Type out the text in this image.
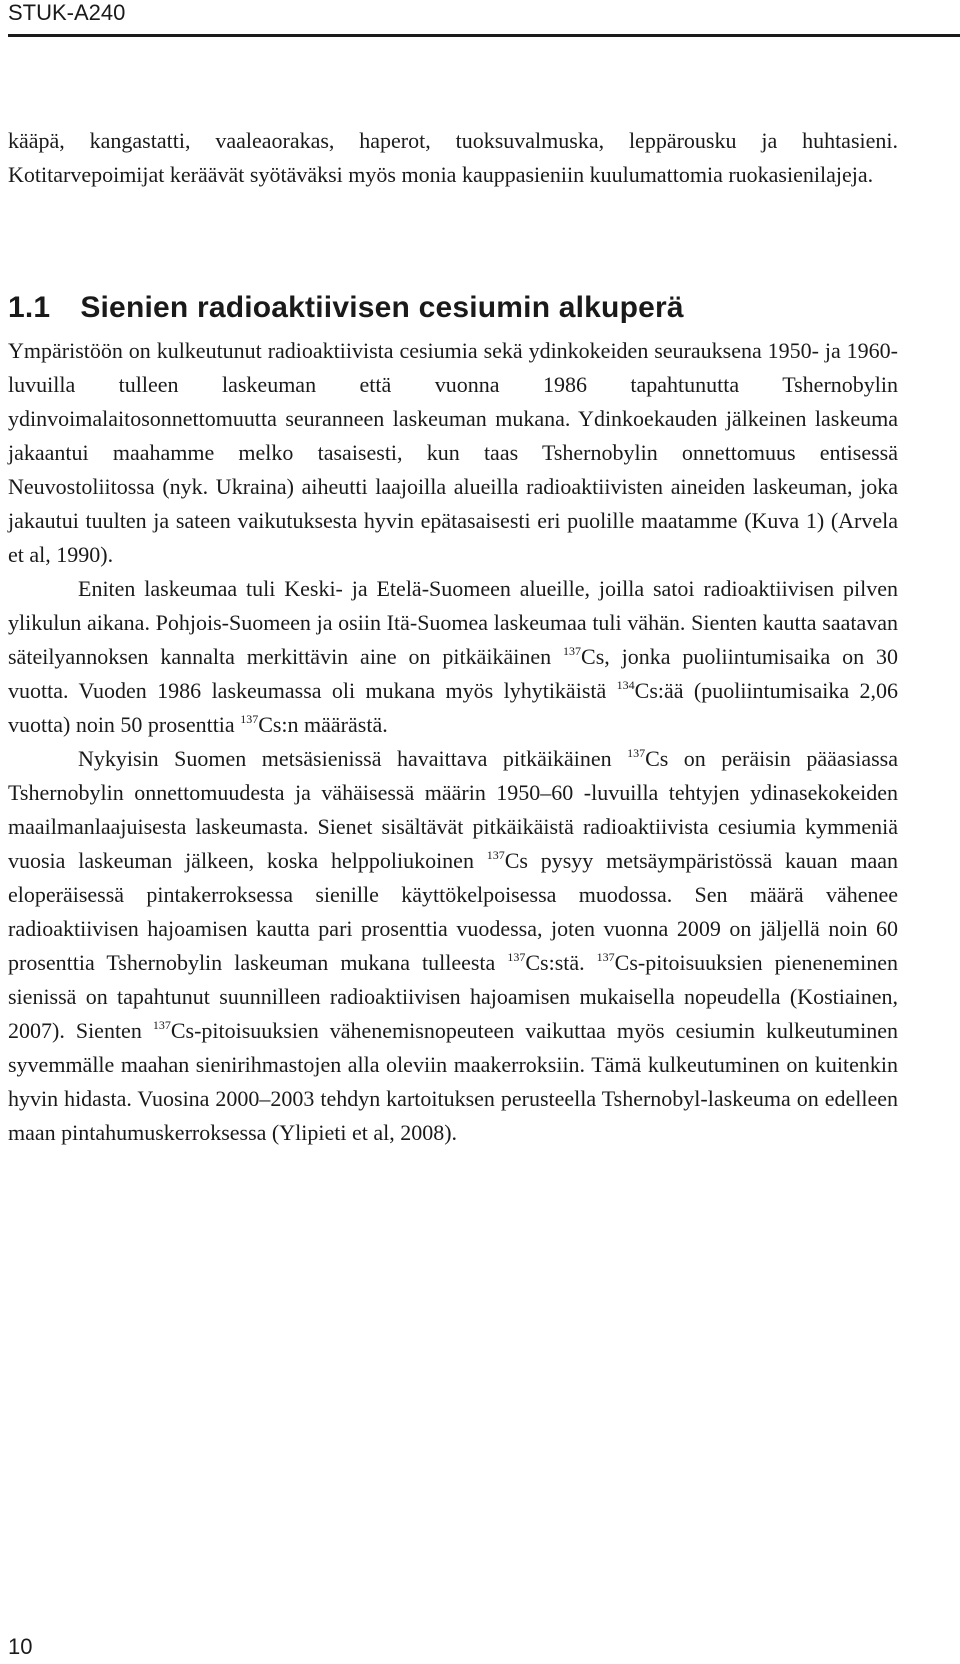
STUK-A240

kääpä, kangastatti, vaaleaorakas, haperot, tuoksuvalmuska, leppärousku ja huhtasieni. Kotitarvepoimijat keräävät syötäväksi myös monia kauppasieniin kuulumattomia ruokasienilajeja.

1.1 Sienien radioaktiivisen cesiumin alkuperä

Ympäristöön on kulkeutunut radioaktiivista cesiumia sekä ydinkokeiden seurauksena 1950- ja 1960-luvuilla tulleen laskeuman että vuonna 1986 tapahtunutta Tshernobylin ydinvoimalaitosonnettomuutta seuranneen laskeuman mukana. Ydinkoekauden jälkeinen laskeuma jakaantui maahamme melko tasaisesti, kun taas Tshernobylin onnettomuus entisessä Neuvostoliitossa (nyk. Ukraina) aiheutti laajoilla alueilla radioaktiivisten aineiden laskeuman, joka jakautui tuulten ja sateen vaikutuksesta hyvin epätasaisesti eri puolille maatamme (Kuva 1) (Arvela et al, 1990).

Eniten laskeumaa tuli Keski- ja Etelä-Suomeen alueille, joilla satoi radioaktiivisen pilven ylikulun aikana. Pohjois-Suomeen ja osiin Itä-Suomea laskeumaa tuli vähän. Sienten kautta saatavan säteilyannoksen kannalta merkittävin aine on pitkäikäinen $^{137}$Cs, jonka puoliintumisaika on 30 vuotta. Vuoden 1986 laskeumassa oli mukana myös lyhytikäistä $^{134}$Cs:ää (puoliintumisaika 2,06 vuotta) noin 50 prosenttia $^{137}$Cs:n määrästä.

Nykyisin Suomen metsäsienissä havaittava pitkäikäinen $^{137}$Cs on peräisin pääasiassa Tshernobylin onnettomuudesta ja vähäisessä määrin 1950–60 -luvuilla tehtyjen ydinasekokeiden maailmanlaajuisesta laskeumasta. Sienet sisältävät pitkäikäistä radioaktiivista cesiumia kymmeniä vuosia laskeuman jälkeen, koska helppoliukoinen $^{137}$Cs pysyy metsäympäristössä kauan maan eloperäisessä pintakerroksessa sienille käyttökelpoisessa muodossa. Sen määrä vähenee radioaktiivisen hajoamisen kautta pari prosenttia vuodessa, joten vuonna 2009 on jäljellä noin 60 prosenttia Tshernobylin laskeuman mukana tulleesta $^{137}$Cs:stä. $^{137}$Cs-pitoisuuksien pieneneminen sienissä on tapahtunut suunnilleen radioaktiivisen hajoamisen mukaisella nopeudella (Kostiainen, 2007). Sienten $^{137}$Cs-pitoisuuksien vähenemisnopeuteen vaikuttaa myös cesiumin kulkeutuminen syvemmälle maahan sienirihmastojen alla oleviin maakerroksiin. Tämä kulkeutuminen on kuitenkin hyvin hidasta. Vuosina 2000–2003 tehdyn kartoituksen perusteella Tshernobyl-laskeuma on edelleen maan pintahumuskerroksessa (Ylipieti et al, 2008).

10
